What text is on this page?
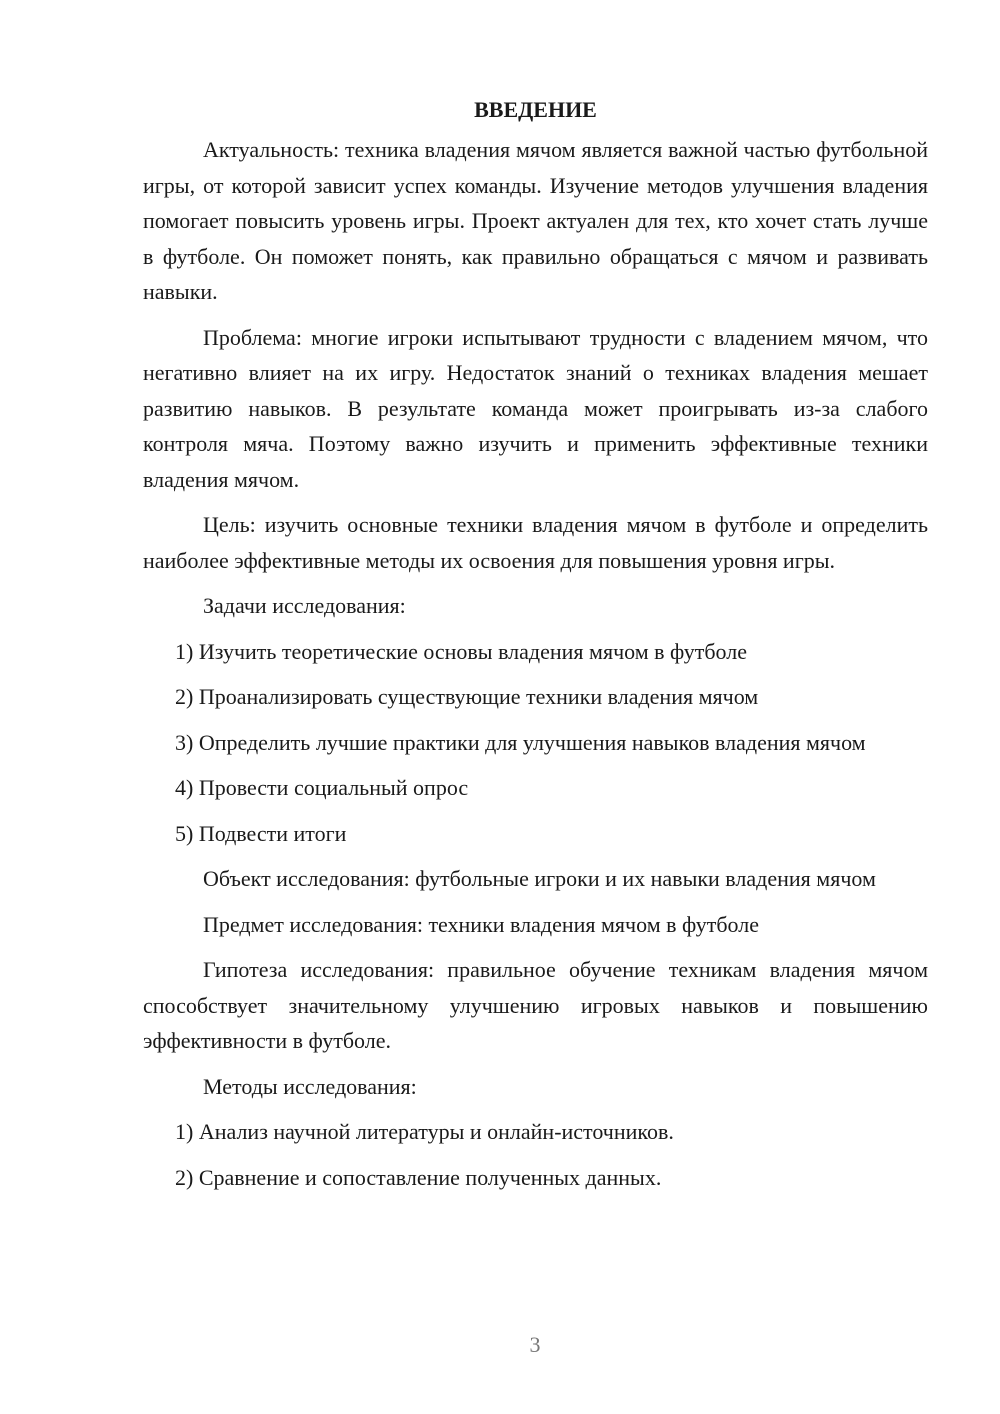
ВВЕДЕНИЕ

Актуальность: техника владения мячом является важной частью футбольной игры, от которой зависит успех команды. Изучение методов улучшения владения помогает повысить уровень игры. Проект актуален для тех, кто хочет стать лучше в футболе. Он поможет понять, как правильно обращаться с мячом и развивать навыки.

Проблема: многие игроки испытывают трудности с владением мячом, что негативно влияет на их игру. Недостаток знаний о техниках владения мешает развитию навыков. В результате команда может проигрывать из-за слабого контроля мяча. Поэтому важно изучить и применить эффективные техники владения мячом.

Цель: изучить основные техники владения мячом в футболе и определить наиболее эффективные методы их освоения для повышения уровня игры.

Задачи исследования:

1) Изучить теоретические основы владения мячом в футболе

2) Проанализировать существующие техники владения мячом

3) Определить лучшие практики для улучшения навыков владения мячом

4) Провести социальный опрос

5) Подвести итоги

Объект исследования: футбольные игроки и их навыки владения мячом

Предмет исследования: техники владения мячом в футболе

Гипотеза исследования: правильное обучение техникам владения мячом способствует значительному улучшению игровых навыков и повышению эффективности в футболе.

Методы исследования:

1) Анализ научной литературы и онлайн-источников.

2) Сравнение и сопоставление полученных данных.

3
